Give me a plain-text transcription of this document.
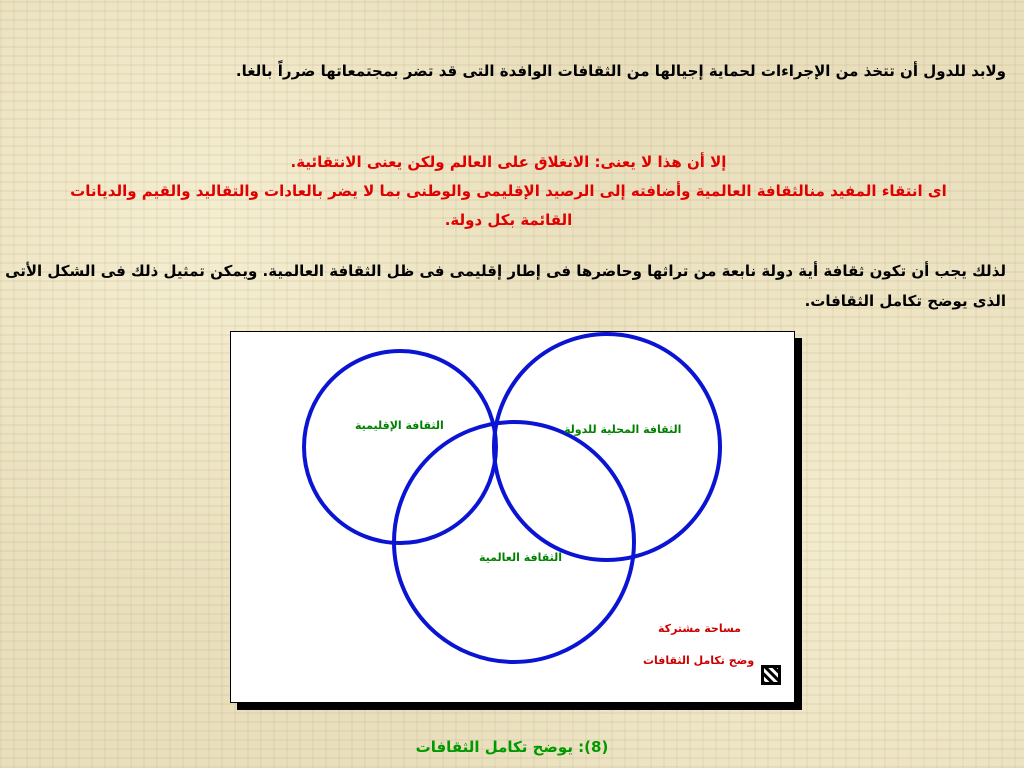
ولابد للدول أن تتخذ من الإجراءات لحماية إجيالها من الثقافات الوافدة التى قد تضر بمجتمعاتها ضرراً بالغا.
إلا أن هذا لا يعنى: الانغلاق على العالم ولكن يعنى الانتقائية.
اى انتقاء المفيد منالثقافة العالمية وأضافته إلى الرصيد الإقليمى والوطنى بما لا يضر بالعادات والتقاليد والقيم والديانات
القائمة بكل دولة.
لذلك يجب أن تكون ثقافة أية دولة نابعة من تراثها وحاضرها فى إطار إقليمى فى ظل الثقافة العالمية. ويمكن تمثيل ذلك فى الشكل الأتى
الذى يوضح تكامل الثقافات.
الثقافة الإقليمية	الثقافة المحلية للدولة
الثقافة العالمية
مساحة مشتركة
وضح تكامل الثقافات
(8): يوضح تكامل الثقافات
